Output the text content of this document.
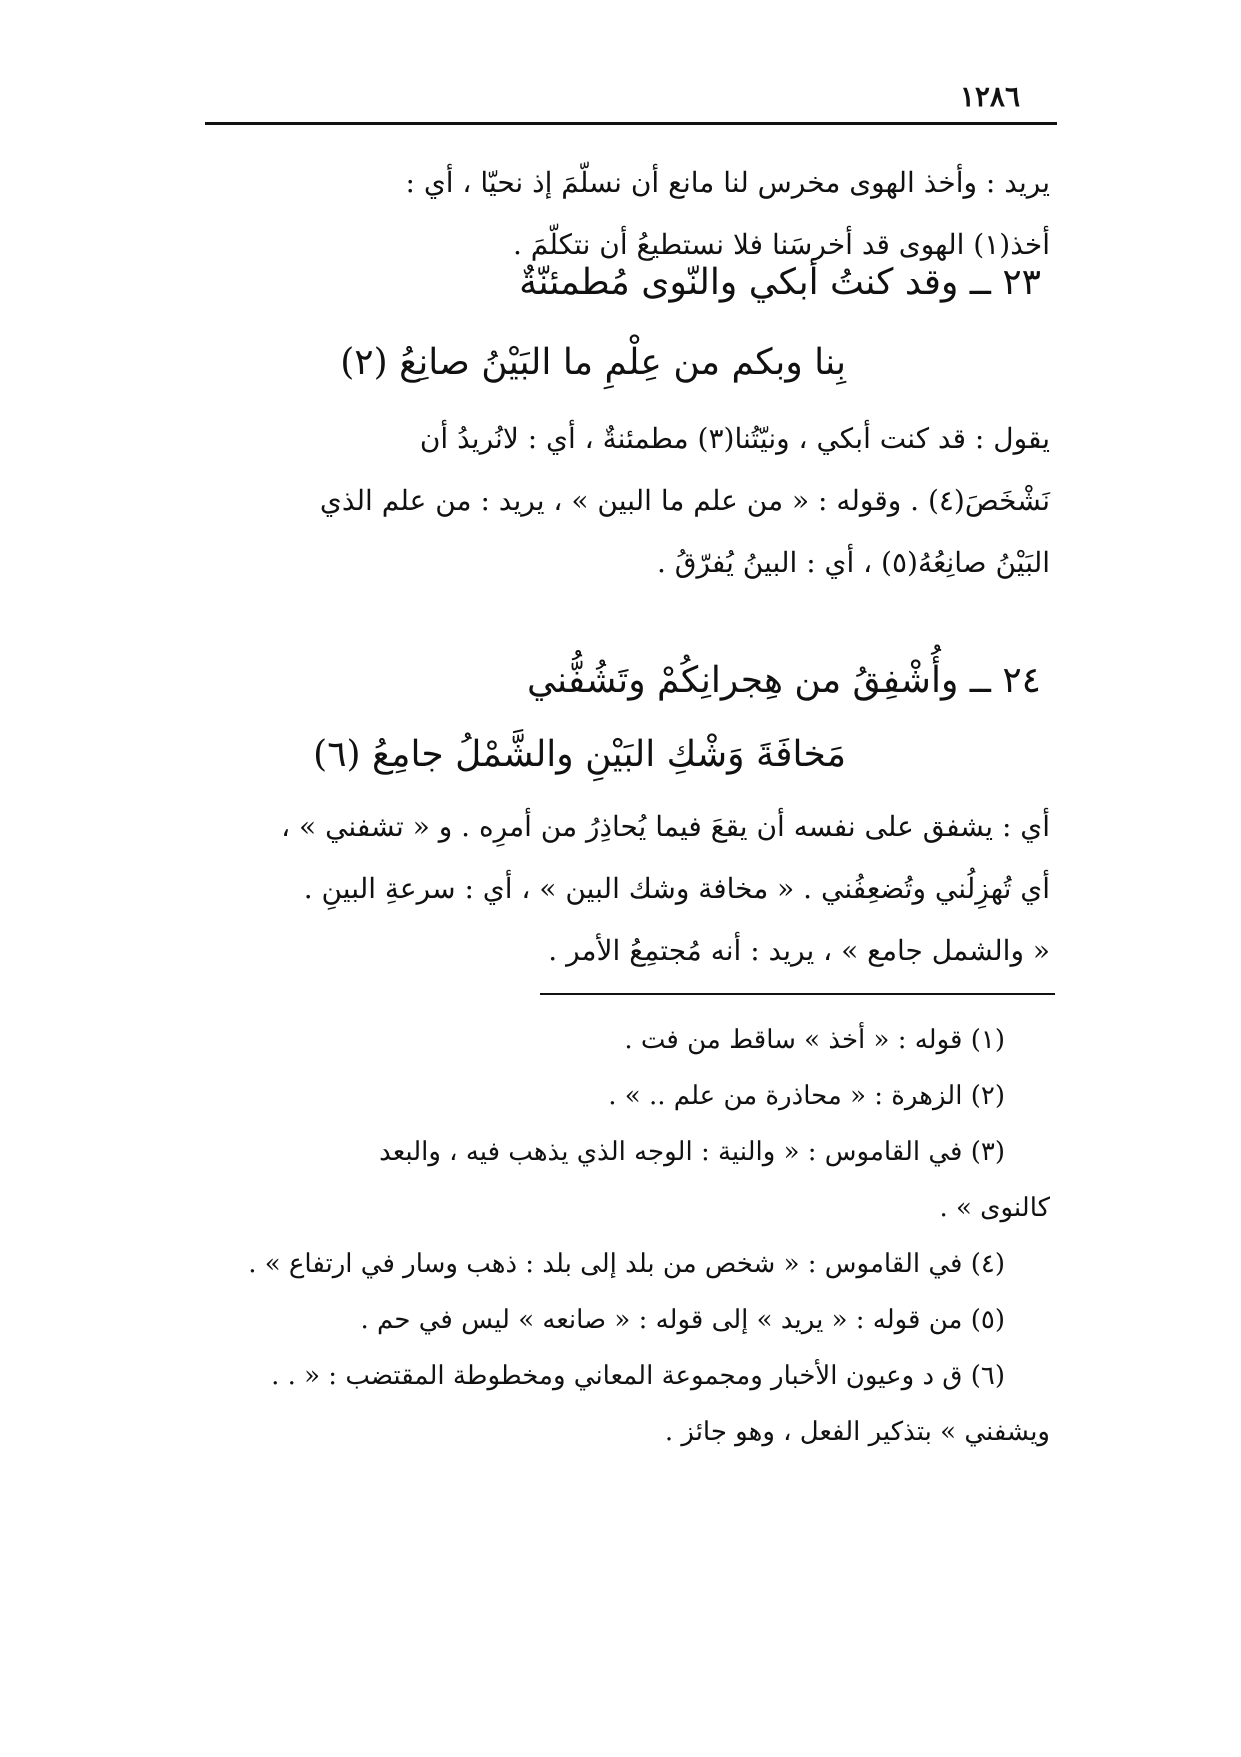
١٢٨٦
يريد : وأخذ الهوى مخرس لنا مانع أن نسلّمَ إذ نحيّا ، أي :
أخذ(١) الهوى قد أخرسَنا فلا نستطيعُ أن نتكلّمَ .
٢٣ ــ وقد كنتُ أبكي والنّوى مُطمئنّةٌ
بِنا وبكم من عِلْمِ ما البَيْنُ صانِعُ (٢)
يقول : قد كنت أبكي ، ونيّتُنا(٣) مطمئنةٌ ، أي : لانُريدُ أن
نَشْخَصَ(٤) . وقوله : « من علم ما البين » ، يريد : من علم الذي
البَيْنُ صانِعُهُ(٥) ، أي : البينُ يُفرّقُ .
٢٤ ــ وأُشْفِقُ من هِجرانِكُمْ وتَشُفُّني
مَخافَةَ وَشْكِ البَيْنِ والشَّمْلُ جامِعُ (٦)
أي : يشفق على نفسه أن يقعَ فيما يُحاذِرُ من أمرِه . و « تشفني » ،
أي تُهزِلُني وتُضعِفُني . « مخافة وشك البين » ، أي : سرعةِ البينِ .
« والشمل جامع » ، يريد : أنه مُجتمِعُ الأمر .
(١) قوله : « أخذ » ساقط من فت .
(٢) الزهرة : « محاذرة من علم .. » .
(٣) في القاموس : « والنية : الوجه الذي يذهب فيه ، والبعد
كالنوى » .
(٤) في القاموس : « شخص من بلد إلى بلد : ذهب وسار في ارتفاع » .
(٥) من قوله : « يريد » إلى قوله : « صانعه » ليس في حم .
(٦) ق د وعيون الأخبار ومجموعة المعاني ومخطوطة المقتضب : « . .
ويشفني » بتذكير الفعل ، وهو جائز .
